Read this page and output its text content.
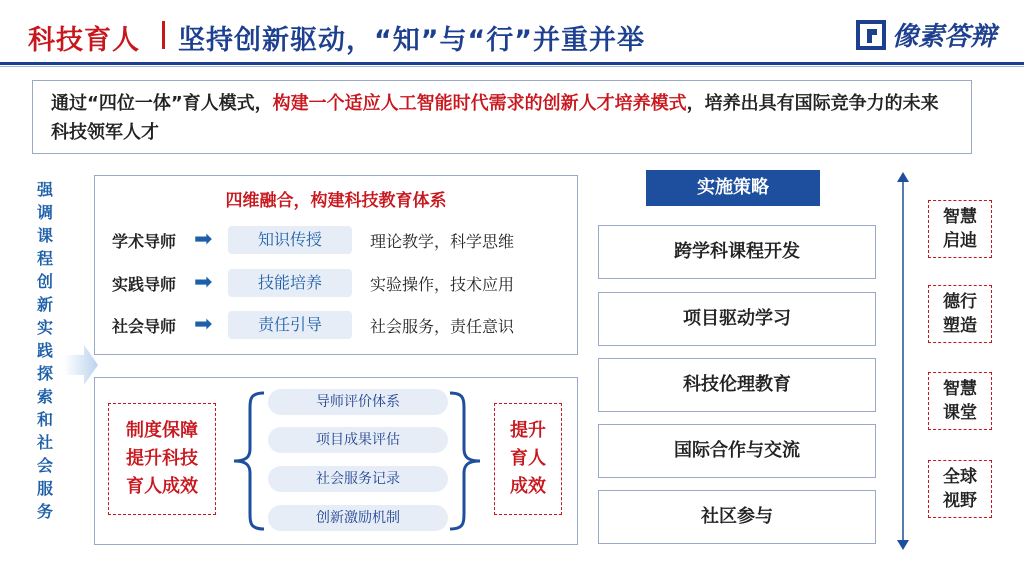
科技育人 坚持创新驱动，“知”与“行”并重并举	像素答辩
通过“四位一体”育人模式，构建一个适应人工智能时代需求的创新人才培养模式，培养出具有国际竞争力的未来科技领军人才
强调课程创新实践探索和社会服务
四维融合，构建科技教育体系
学术导师 ➡	知识传授	理论教学，科学思维
实践导师 ➡	技能培养	实验操作，技术应用
社会导师 ➡	责任引导	社会服务，责任意识
制度保障
提升科技
育人成效
提升
育人
成效
导师评价体系
项目成果评估
社会服务记录
创新激励机制
实施策略
跨学科课程开发
项目驱动学习
科技伦理教育
国际合作与交流
社区参与
智慧
启迪
德行
塑造
智慧
课堂
全球
视野
